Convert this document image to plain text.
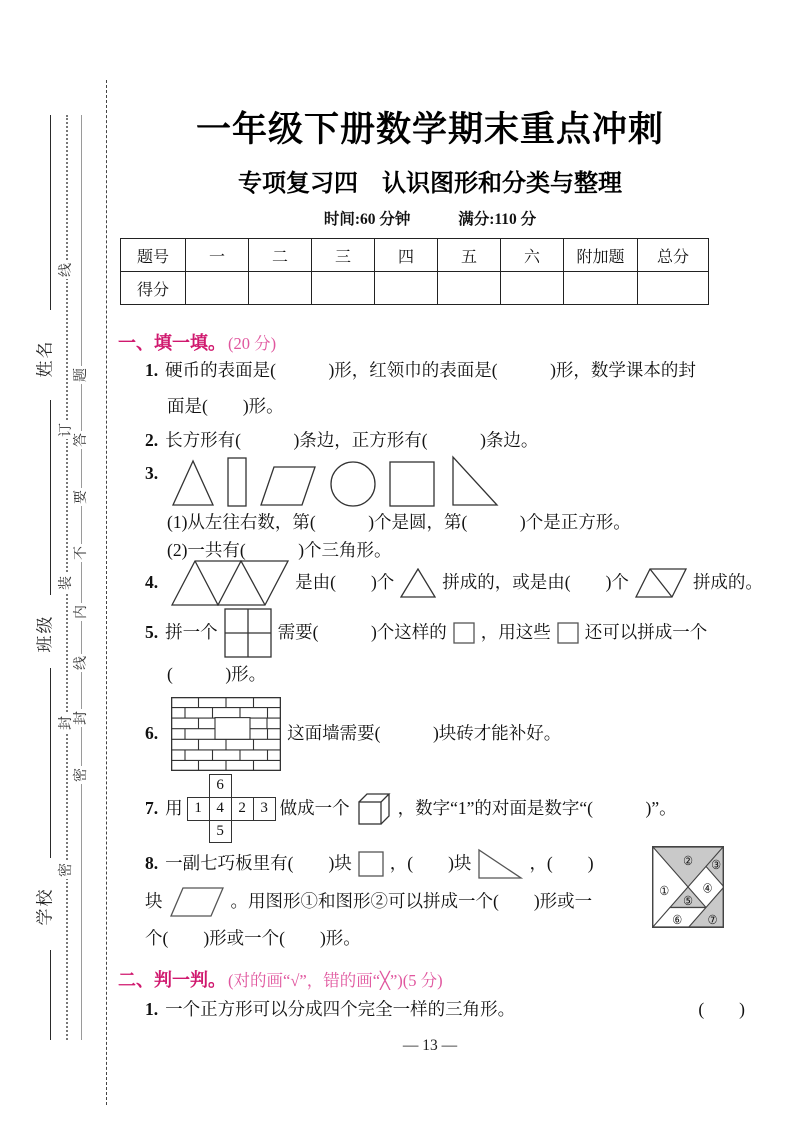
姓名
班级
学校
线
订
装
封
密
题
答
要
不
内
线
封
密
一年级下册数学期末重点冲刺
专项复习四　认识图形和分类与整理
时间:60 分钟	满分:110 分
题号	一	二	三	四	五	六	附加题	总分
得分								
一、填一填。 (20 分)
1. 硬币的表面是(　　　)形，红领巾的表面是(　　　)形，数学课本的封
面是(　　)形。
2. 长方形有(　　　)条边，正方形有(　　　)条边。
3.
(1)从左往右数，第(　　　)个是圆，第(　　　)个是正方形。
(2)一共有(　　　)个三角形。
4.	是由(　　)个	拼成的，或是由(　　)个	拼成的。
5. 拼一个	需要(　　　)个这样的 ，用这些 还可以拼成一个
(　　　)形。
6.	这面墙需要(　　　)块砖才能补好。
7. 用
	6		
1	4	2	3
	5		
做成一个	，数字“1”的对面是数字“(　　　)”。
8. 一副七巧板里有(　　)块 ，(　　)块	，(　　)
块	。用图形①和图形②可以拼成一个(　　)形或一
个(　　)形或一个(　　)形。
①
② ③
④
⑤
⑥ ⑦
二、判一判。 (对的画“√”，错的画“╳”)(5 分)
1. 一个正方形可以分成四个完全一样的三角形。	(　　)
— 13 —
